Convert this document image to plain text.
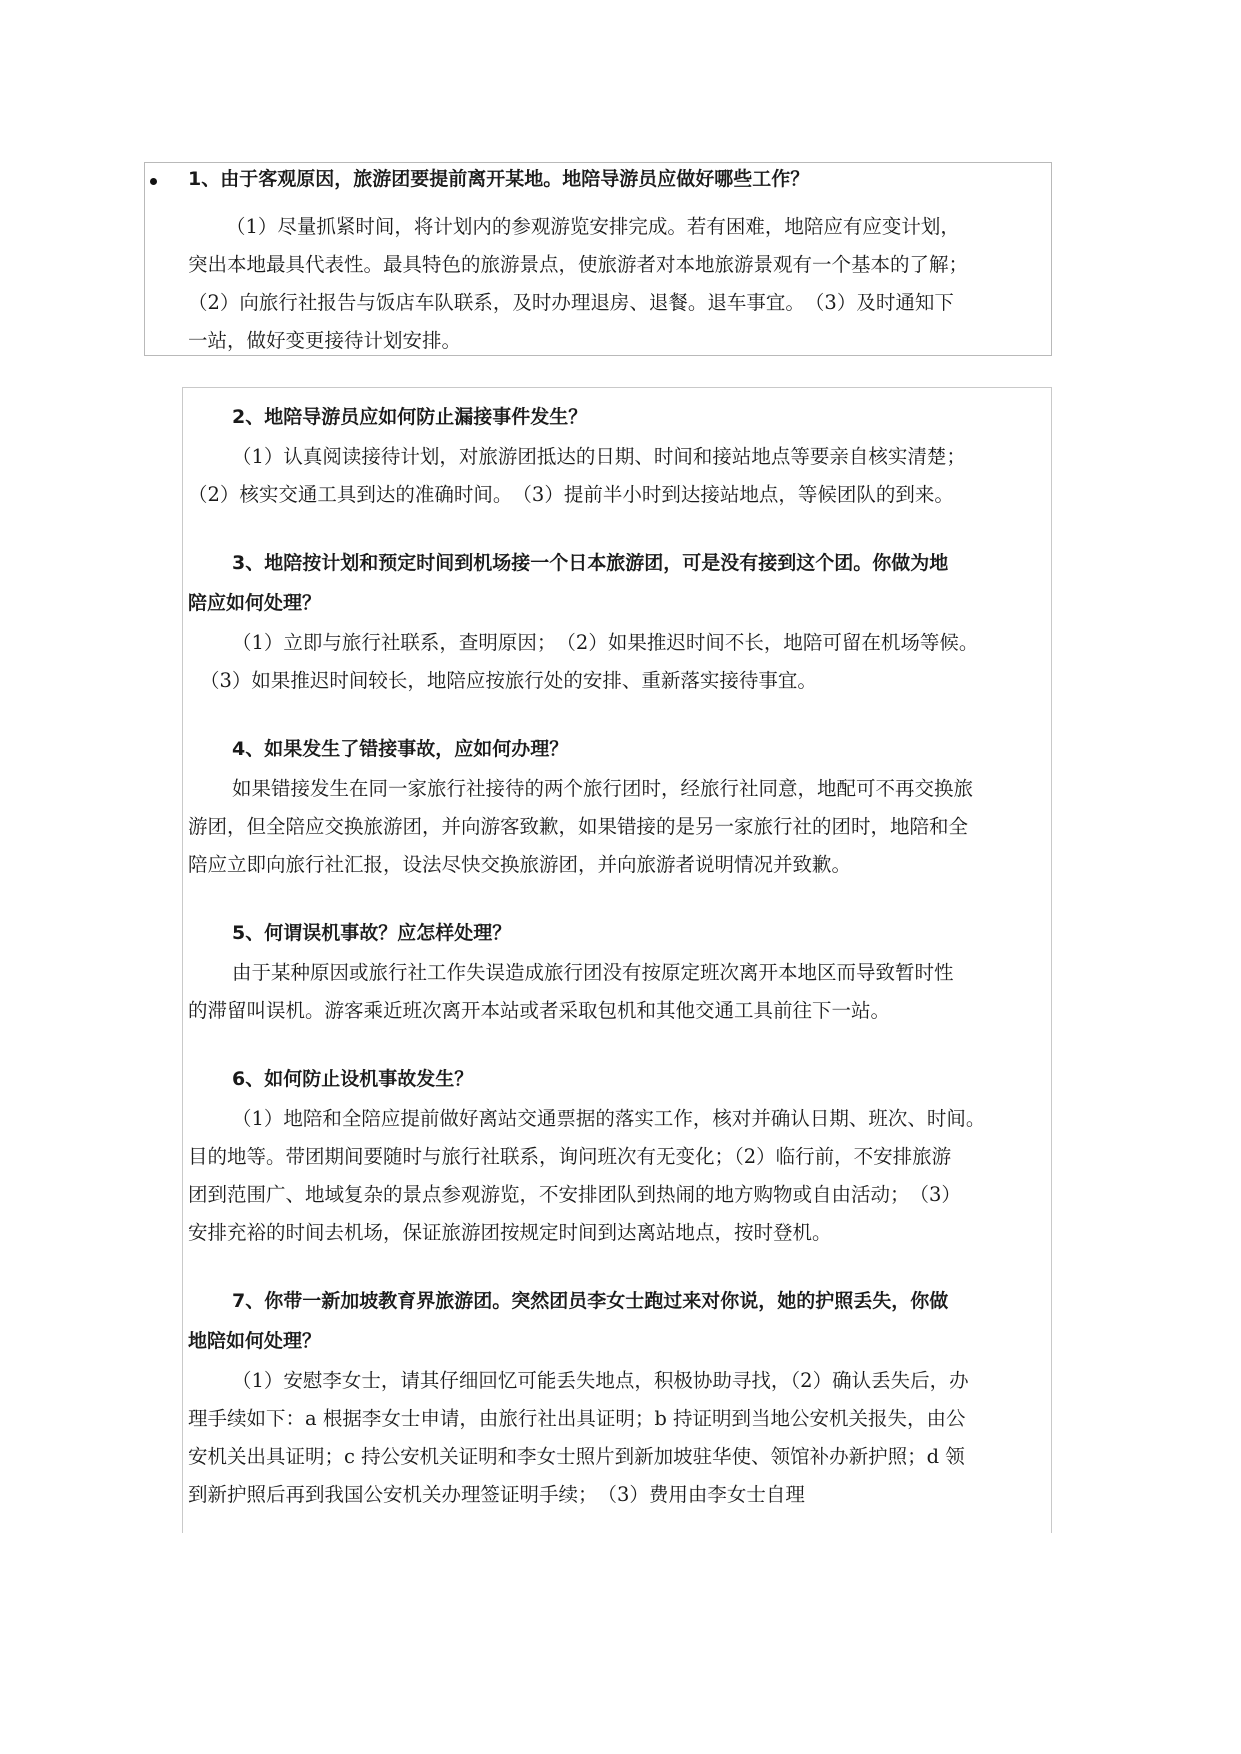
1、由于客观原因，旅游团要提前离开某地。地陪导游员应做好哪些工作？
（1）尽量抓紧时间，将计划内的参观游览安排完成。若有困难，地陪应有应变计划，
突出本地最具代表性。最具特色的旅游景点，使旅游者对本地旅游景观有一个基本的了解；
（2）向旅行社报告与饭店车队联系，及时办理退房、退餐。退车事宜。　（3）及时通知下
一站，做好变更接待计划安排。
2、地陪导游员应如何防止漏接事件发生？
（1）认真阅读接待计划，对旅游团抵达的日期、时间和接站地点等要亲自核实清楚；
（2）核实交通工具到达的准确时间。　（3）提前半小时到达接站地点，等候团队的到来。
3、地陪按计划和预定时间到机场接一个日本旅游团，可是没有接到这个团。你做为地
陪应如何处理？
（1）立即与旅行社联系，查明原因；　（2）如果推迟时间不长，地陪可留在机场等候。
（3）如果推迟时间较长，地陪应按旅行处的安排、重新落实接待事宜。
4、如果发生了错接事故，应如何办理？
如果错接发生在同一家旅行社接待的两个旅行团时，经旅行社同意，地配可不再交换旅
游团，但全陪应交换旅游团，并向游客致歉，如果错接的是另一家旅行社的团时，地陪和全
陪应立即向旅行社汇报，设法尽快交换旅游团，并向旅游者说明情况并致歉。
5、何谓误机事故？应怎样处理？
由于某种原因或旅行社工作失误造成旅行团没有按原定班次离开本地区而导致暂时性
的滞留叫误机。游客乘近班次离开本站或者采取包机和其他交通工具前往下一站。
6、如何防止设机事故发生？
（1）地陪和全陪应提前做好离站交通票据的落实工作，核对并确认日期、班次、时间。
目的地等。带团期间要随时与旅行社联系，询问班次有无变化；（2）临行前，不安排旅游
团到范围广、地域复杂的景点参观游览，不安排团队到热闹的地方购物或自由活动；　（3）
安排充裕的时间去机场，保证旅游团按规定时间到达离站地点，按时登机。
7、你带一新加坡教育界旅游团。突然团员李女士跑过来对你说，她的护照丢失，你做
地陪如何处理？
（1）安慰李女士，请其仔细回忆可能丢失地点，积极协助寻找，（2）确认丢失后，办
理手续如下：a 根据李女士申请，由旅行社出具证明；b 持证明到当地公安机关报失，由公
安机关出具证明；c 持公安机关证明和李女士照片到新加坡驻华使、领馆补办新护照；d 领
到新护照后再到我国公安机关办理签证明手续；　（3）费用由李女士自理
